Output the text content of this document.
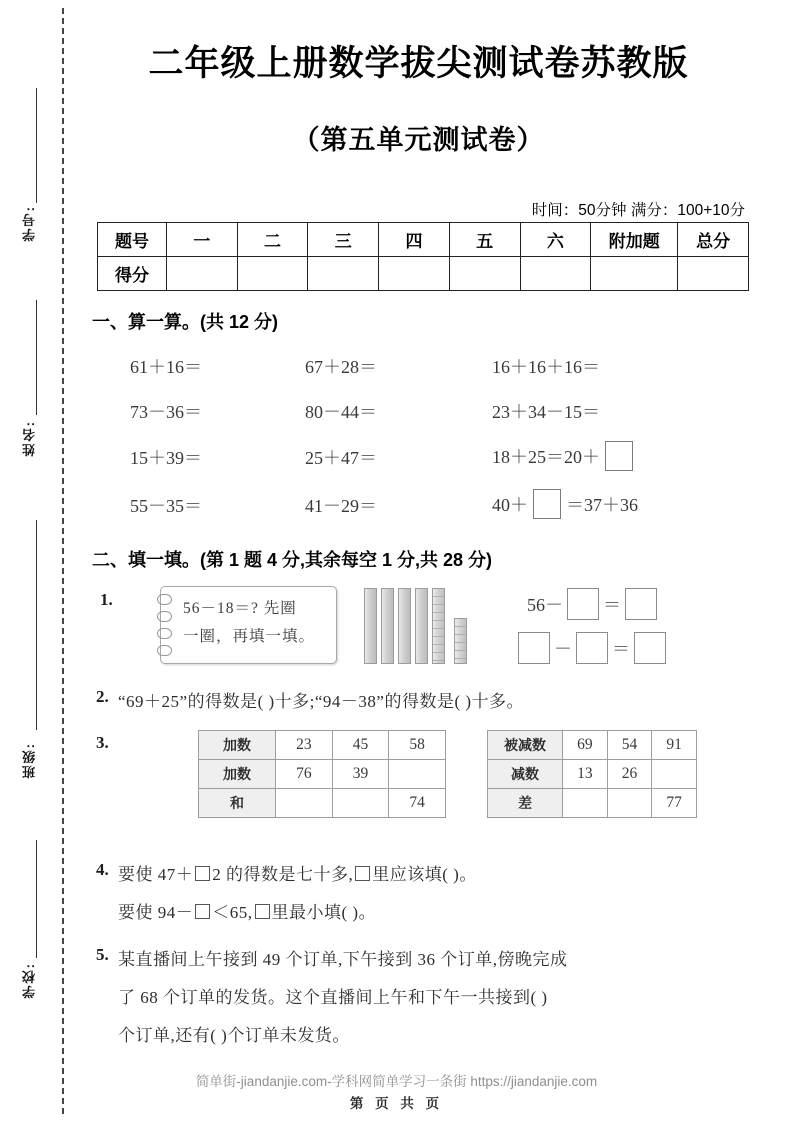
学号:
姓名:
班级:
学校:
二年级上册数学拔尖测试卷苏教版
（第五单元测试卷）
时间：50分钟 满分：100+10分
题号	一	二	三	四	五	六	附加题	总分
得分								
一、算一算。(共 12 分)
61＋16＝	67＋28＝	16＋16＋16＝
73－36＝	80－44＝	23＋34－15＝
15＋39＝	25＋47＝	18＋25＝20＋
55－35＝	41－29＝	40＋ ＝37＋36
二、填一填。(第 1 题 4 分,其余每空 1 分,共 28 分)
1.	56－18＝? 先圈
一圈，再填一填。
56－ ＝
－ ＝
2. “69＋25”的得数是( )十多;“94－38”的得数是( )十多。
3.	加数	23	45	58
加数	76	39	
和			74
被减数	69	54	91
减数	13	26	
差			77
4. 要使 47＋ 2 的得数是七十多, 里应该填( )。
要使 94－ ＜65, 里最小填( )。
5. 某直播间上午接到 49 个订单,下午接到 36 个订单,傍晚完成
了 68 个订单的发货。这个直播间上午和下午一共接到( )
个订单,还有( )个订单未发货。
简单街-jiandanjie.com-学科网简单学习一条街 https://jiandanjie.com
第 页 共 页
